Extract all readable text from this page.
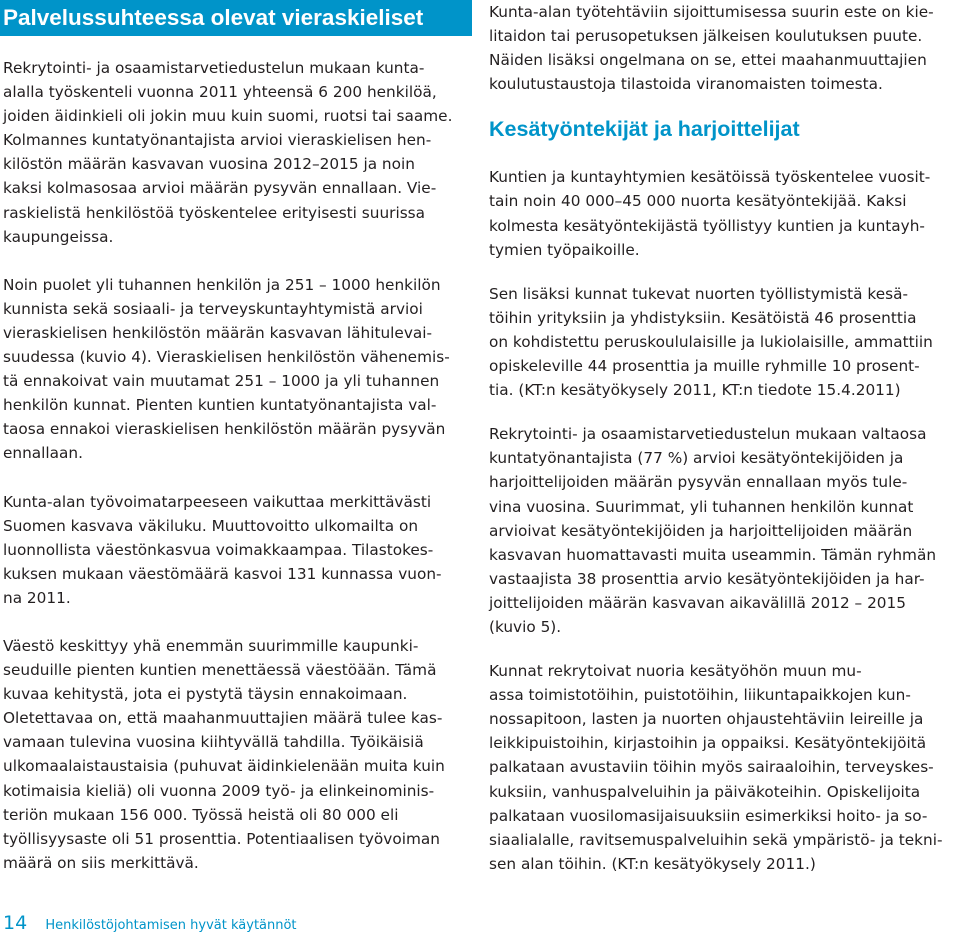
Palvelussuhteessa olevat vieraskieliset
Rekrytointi- ja osaamistarvetiedustelun mukaan kunta-
alalla työskenteli vuonna 2011 yhteensä 6 200 henkilöä,
joiden äidinkieli oli jokin muu kuin suomi, ruotsi tai saame.
Kolmannes kuntatyönantajista arvioi vieraskielisen hen-
kilöstön määrän kasvavan vuosina 2012–2015 ja noin
kaksi kolmasosaa arvioi määrän pysyvän ennallaan. Vie-
raskielistä henkilöstöä työskentelee erityisesti suurissa
kaupungeissa.
Noin puolet yli tuhannen henkilön ja 251 – 1000 henkilön
kunnista sekä sosiaali- ja terveyskuntayhtymistä arvioi
vieraskielisen henkilöstön määrän kasvavan lähitulevai-
suudessa (kuvio 4). Vieraskielisen henkilöstön vähenemis-
tä ennakoivat vain muutamat 251 – 1000 ja yli tuhannen
henkilön kunnat. Pienten kuntien kuntatyönantajista val-
taosa ennakoi vieraskielisen henkilöstön määrän pysyvän
ennallaan.
Kunta-alan työvoimatarpeeseen vaikuttaa merkittävästi
Suomen kasvava väkiluku. Muuttovoitto ulkomailta on
luonnollista väestönkasvua voimakkaampaa. Tilastokes-
kuksen mukaan väestömäärä kasvoi 131 kunnassa vuon-
na 2011.
Väestö keskittyy yhä enemmän suurimmille kaupunki-
seuduille pienten kuntien menettäessä väestöään. Tämä
kuvaa kehitystä, jota ei pystytä täysin ennakoimaan.
Oletettavaa on, että maahanmuuttajien määrä tulee kas-
vamaan tulevina vuosina kiihtyvällä tahdilla. Työikäisiä
ulkomaalaistaustaisia (puhuvat äidinkielenään muita kuin
kotimaisia kieliä) oli vuonna 2009 työ- ja elinkeinominis-
teriön mukaan 156 000. Työssä heistä oli 80 000 eli
työllisyysaste oli 51 prosenttia. Potentiaalisen työvoiman
määrä on siis merkittävä.
Kunta-alan työtehtäviin sijoittumisessa suurin este on kie-
litaidon tai perusopetuksen jälkeisen koulutuksen puute.
Näiden lisäksi ongelmana on se, ettei maahanmuuttajien
koulutustaustoja tilastoida viranomaisten toimesta.
Kesätyöntekijät ja harjoittelijat
Kuntien ja kuntayhtymien kesätöissä työskentelee vuosit-
tain noin 40 000–45 000 nuorta kesätyöntekijää. Kaksi
kolmesta kesätyöntekijästä työllistyy kuntien ja kuntayh-
tymien työpaikoille.
Sen lisäksi kunnat tukevat nuorten työllistymistä kesä-
töihin yrityksiin ja yhdistyksiin. Kesätöistä 46 prosenttia
on kohdistettu peruskoululaisille ja lukiolaisille, ammattiin
opiskeleville 44 prosenttia ja muille ryhmille 10 prosent-
tia. (KT:n kesätyökysely 2011, KT:n tiedote 15.4.2011)
Rekrytointi- ja osaamistarvetiedustelun mukaan valtaosa
kuntatyönantajista (77 %) arvioi kesätyöntekijöiden ja
harjoittelijoiden määrän pysyvän ennallaan myös tule-
vina vuosina. Suurimmat, yli tuhannen henkilön kunnat
arvioivat kesätyöntekijöiden ja harjoittelijoiden määrän
kasvavan huomattavasti muita useammin. Tämän ryhmän
vastaajista 38 prosenttia arvio kesätyöntekijöiden ja har-
joittelijoiden määrän kasvavan aikavälillä 2012 – 2015
(kuvio 5).
Kunnat rekrytoivat nuoria kesätyöhön muun mu-
assa toimistotöihin, puistotöihin, liikuntapaikkojen kun-
nossapitoon, lasten ja nuorten ohjaustehtäviin leireille ja
leikkipuistoihin, kirjastoihin ja oppaiksi. Kesätyöntekijöitä
palkataan avustaviin töihin myös sairaaloihin, terveyskes-
kuksiin, vanhuspalveluihin ja päiväkoteihin. Opiskelijoita
palkataan vuosilomasijaisuuksiin esimerkiksi hoito- ja so-
siaalialalle, ravitsemuspalveluihin sekä ympäristö- ja tekni-
sen alan töihin. (KT:n kesätyökysely 2011.)
14 Henkilöstöjohtamisen hyvät käytännöt
